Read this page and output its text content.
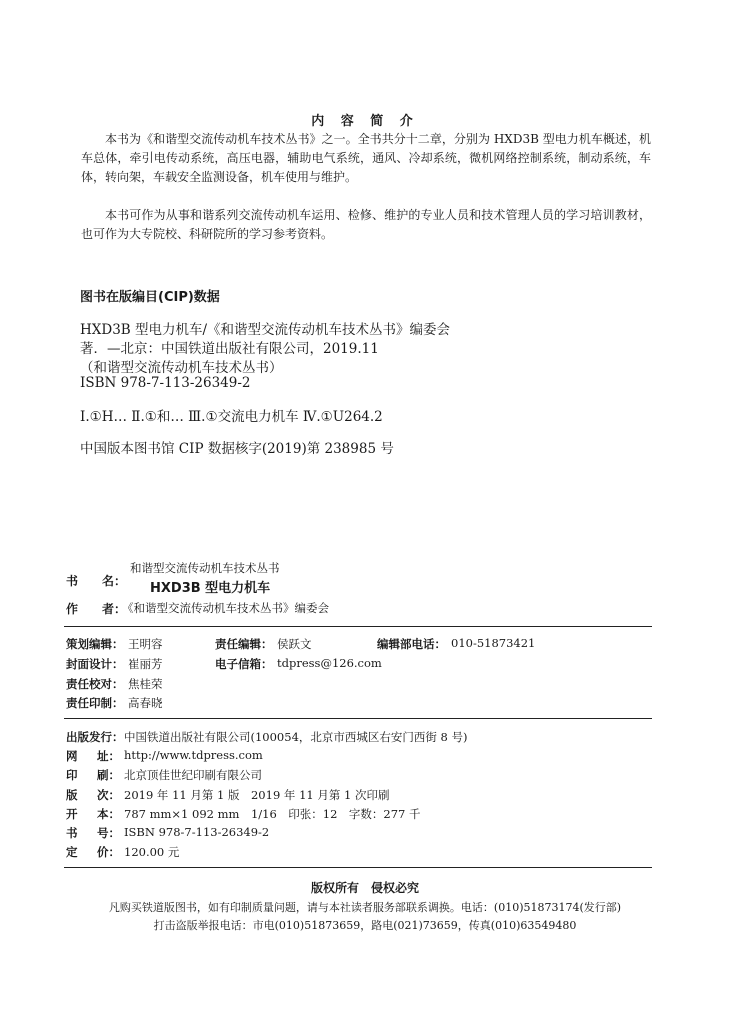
内 容 简 介
本书为《和谐型交流传动机车技术丛书》之一。全书共分十二章，分别为 HXD3B 型电力机车概述，机车总体，牵引电传动系统，高压电器，辅助电气系统，通风、冷却系统，微机网络控制系统，制动系统，车体，转向架，车载安全监测设备，机车使用与维护。
本书可作为从事和谐系列交流传动机车运用、检修、维护的专业人员和技术管理人员的学习培训教材，也可作为大专院校、科研院所的学习参考资料。
图书在版编目(CIP)数据
HXD3B 型电力机车/《和谐型交流传动机车技术丛书》编委会
著．—北京：中国铁道出版社有限公司，2019.11
（和谐型交流传动机车技术丛书）
ISBN 978-7-113-26349-2
Ⅰ.①H… Ⅱ.①和… Ⅲ.①交流电力机车 Ⅳ.①U264.2
中国版本图书馆 CIP 数据核字(2019)第 238985 号
书　　名：
和谐型交流传动机车技术丛书
HXD3B 型电力机车
作　　者：
《和谐型交流传动机车技术丛书》编委会
策划编辑： 王明容	责任编辑： 侯跃文	编辑部电话： 010-51873421
封面设计： 崔丽芳	电子信箱： tdpress@126.com
责任校对： 焦桂荣
责任印制： 高春晓
出版发行： 中国铁道出版社有限公司(100054，北京市西城区右安门西街 8 号)
网 址： http://www.tdpress.com
印 刷： 北京顶佳世纪印刷有限公司
版 次： 2019 年 11 月第 1 版　2019 年 11 月第 1 次印刷
开 本： 787 mm×1 092 mm　1/16　印张：12　字数：277 千
书 号： ISBN 978-7-113-26349-2
定 价： 120.00 元
版权所有　侵权必究
凡购买铁道版图书，如有印制质量问题，请与本社读者服务部联系调换。电话：(010)51873174(发行部)
打击盗版举报电话：市电(010)51873659，路电(021)73659，传真(010)63549480
